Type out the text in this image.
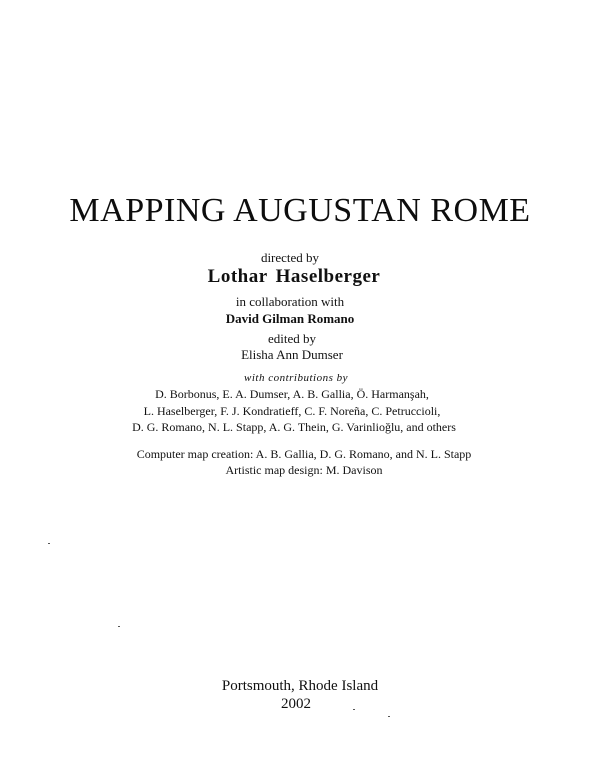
MAPPING AUGUSTAN ROME
directed by
Lothar Haselberger
in collaboration with
David Gilman Romano
edited by
Elisha Ann Dumser
with contributions by
D. Borbonus, E. A. Dumser, A. B. Gallia, Ö. Harmanşah,
L. Haselberger, F. J. Kondratieff, C. F. Noreña, C. Petruccioli,
D. G. Romano, N. L. Stapp, A. G. Thein, G. Varinlioğlu, and others
Computer map creation: A. B. Gallia, D. G. Romano, and N. L. Stapp
Artistic map design: M. Davison
Portsmouth, Rhode Island
2002
